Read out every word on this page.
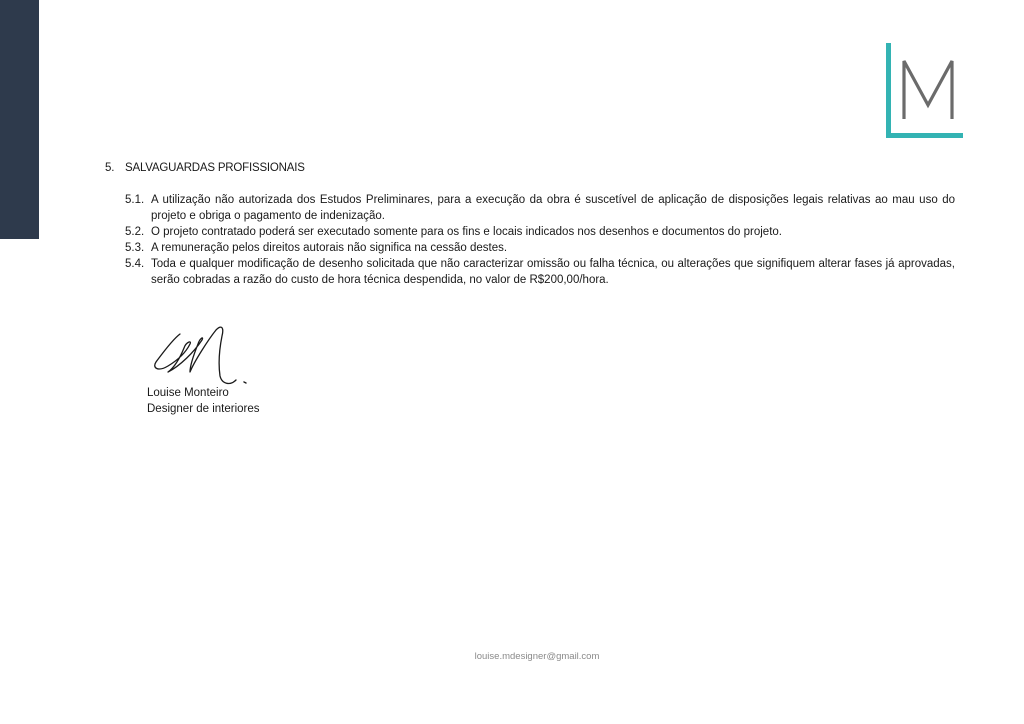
5. SALVAGUARDAS PROFISSIONAIS
5.1. A utilização não autorizada dos Estudos Preliminares, para a execução da obra é suscetível de aplicação de disposições legais relativas ao mau uso do projeto e obriga o pagamento de indenização.
5.2. O projeto contratado poderá ser executado somente para os fins e locais indicados nos desenhos e documentos do projeto.
5.3. A remuneração pelos direitos autorais não significa na cessão destes.
5.4. Toda e qualquer modificação de desenho solicitada que não caracterizar omissão ou falha técnica, ou alterações que signifiquem alterar fases já aprovadas, serão cobradas a razão do custo de hora técnica despendida, no valor de R$200,00/hora.
Louise Monteiro
Designer de interiores
louise.mdesigner@gmail.com
